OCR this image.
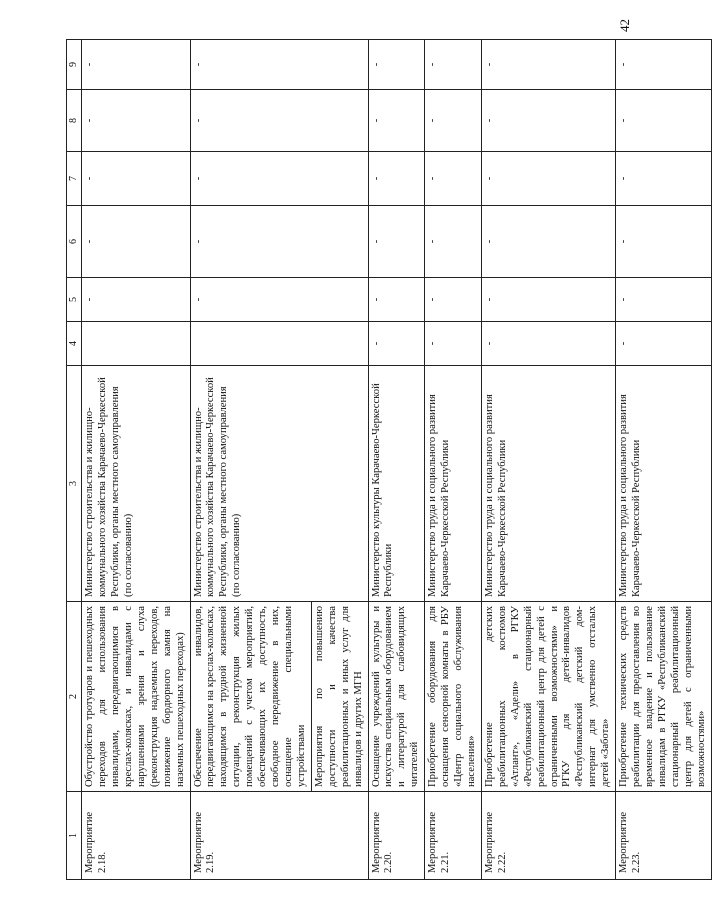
42
1	2	3	4	5	6	7	8	9
Мероприятие 2.18.	Обустройство тротуаров и пешеходных переходов для использования инвалидами, передвигающимися в креслах-колясках, и инвалидами с нарушениями зрения и слуха (реконструкция надземных переходов, понижение бордюрного камня на наземных пешеходных переходах)	Министерство строительства и жилищно-коммунального хозяйства Карачаево-Черкесской Республики, органы местного самоуправления (по согласованию)		-	-	-	-	-
Мероприятие 2.19.	Обеспечение инвалидов, передвигающимся на креслах-колясках, находящимся в трудной жизненной ситуации, реконструкция жилых помещений с учетом мероприятий, обеспечивающих их доступность, свободное передвижение в них, оснащение специальными устройствами Мероприятия по повышению доступности и качества реабилитационных и иных услуг для инвалидов и других МГН	Министерство строительства и жилищно-коммунального хозяйства Карачаево-Черкесской Республики, органы местного самоуправления (по согласованию)		-	-	-	-	-
Мероприятие 2.20.	Оснащение учреждений культуры и искусства специальным оборудованием и литературой для слабовидящих читателей	Министерство культуры Карачаево-Черкесской Республики	-	-	-	-	-	-
Мероприятие 2.21.	Приобретение оборудования для оснащения сенсорной комнаты в РБУ «Центр социального обслуживания населения»	Министерство труда и социального развития Карачаево-Черкесской Республики	-	-	-	-	-	-
Мероприятие 2.22.	Приобретение детских реабилитационных костюмов «Атлант», «Адели» в РГКУ «Республиканский стационарный реабилитационный центр для детей с ограниченными возможностями» и РГКУ для детей-инвалидов «Республиканский детский дом-интернат для умственно отсталых детей «Забота»	Министерство труда и социального развития Карачаево-Черкесской Республики	-	-	-	-	-	-
Мероприятие 2.23.	Приобретение технических средств реабилитации для предоставления во временное владение и пользование инвалидам в РГКУ «Республиканский стационарный реабилитационный центр для детей с ограниченными возможностями»	Министерство труда и социального развития Карачаево-Черкесской Республики	-	-	-	-	-	-
